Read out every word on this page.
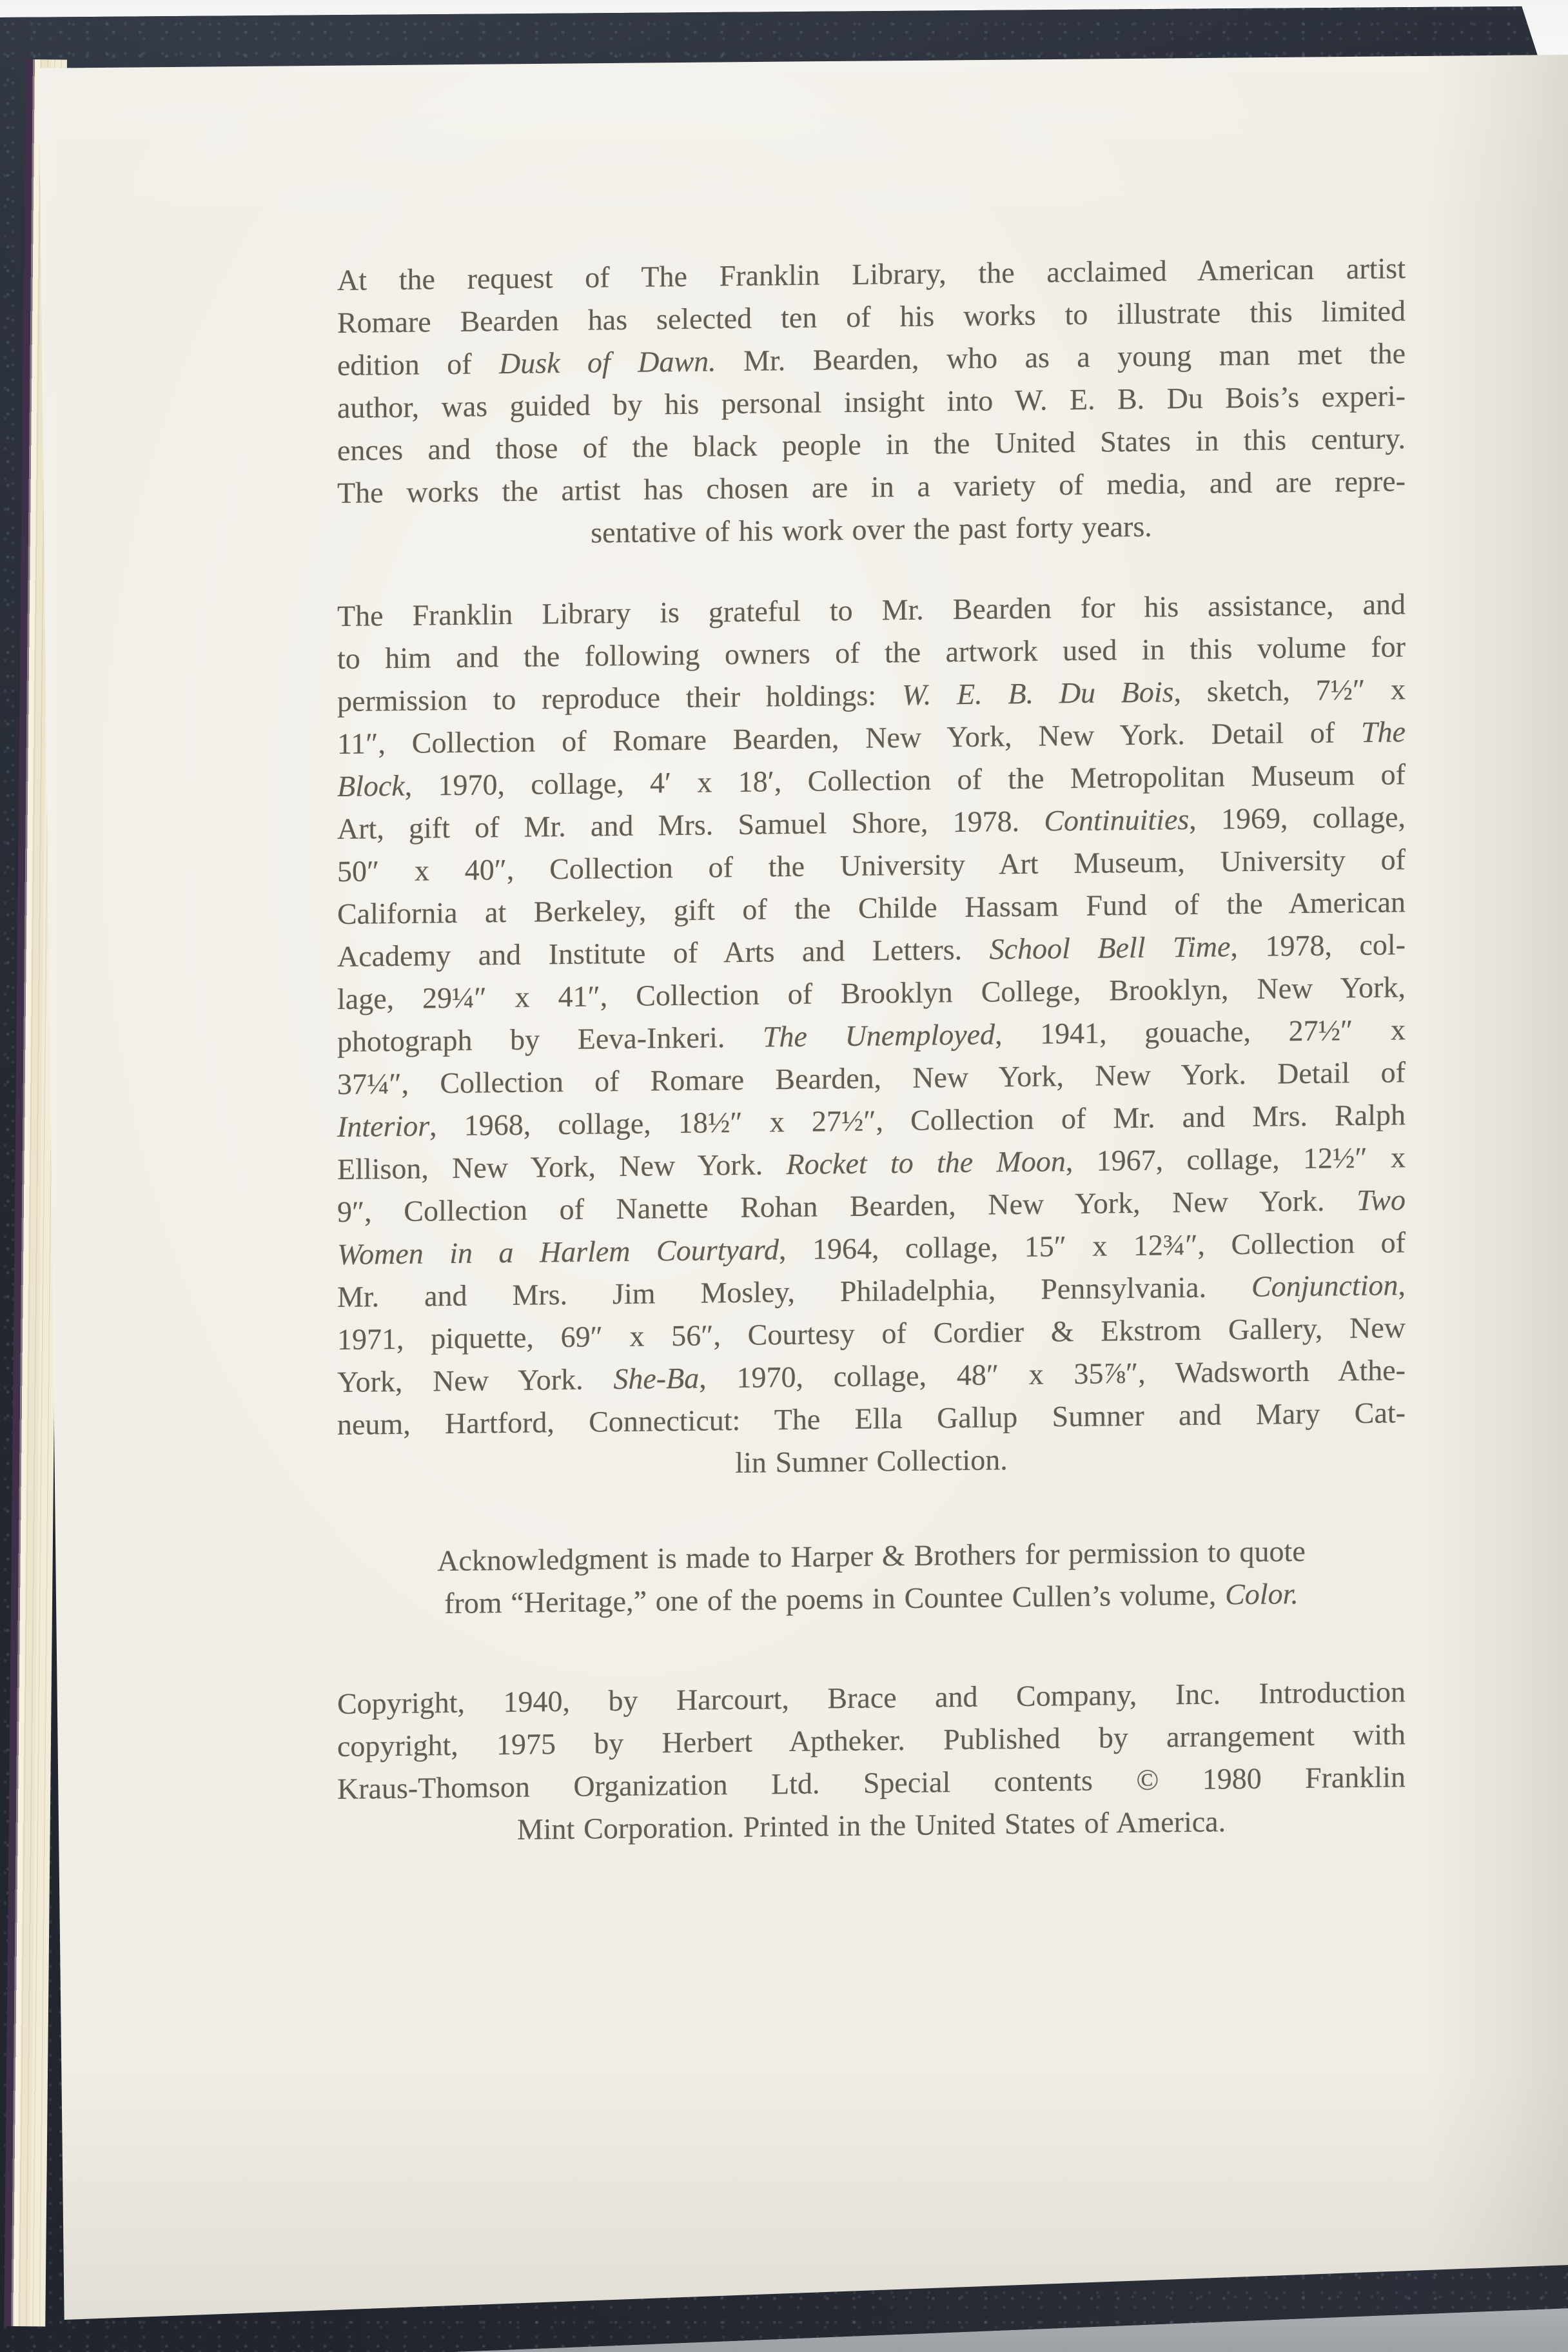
At the request of The Franklin Library, the acclaimed American artist
Romare Bearden has selected ten of his works to illustrate this limited
edition of Dusk of Dawn. Mr. Bearden, who as a young man met the
author, was guided by his personal insight into W. E. B. Du Bois’s experi-
ences and those of the black people in the United States in this century.
The works the artist has chosen are in a variety of media, and are repre-
sentative of his work over the past forty years.
The Franklin Library is grateful to Mr. Bearden for his assistance, and
to him and the following owners of the artwork used in this volume for
permission to reproduce their holdings: W. E. B. Du Bois, sketch, 7½″ x
11″, Collection of Romare Bearden, New York, New York. Detail of The
Block, 1970, collage, 4′ x 18′, Collection of the Metropolitan Museum of
Art, gift of Mr. and Mrs. Samuel Shore, 1978. Continuities, 1969, collage,
50″ x 40″, Collection of the University Art Museum, University of
California at Berkeley, gift of the Childe Hassam Fund of the American
Academy and Institute of Arts and Letters. School Bell Time, 1978, col-
lage, 29¼″ x 41″, Collection of Brooklyn College, Brooklyn, New York,
photograph by Eeva-Inkeri. The Unemployed, 1941, gouache, 27½″ x
37¼″, Collection of Romare Bearden, New York, New York. Detail of
Interior, 1968, collage, 18½″ x 27½″, Collection of Mr. and Mrs. Ralph
Ellison, New York, New York. Rocket to the Moon, 1967, collage, 12½″ x
9″, Collection of Nanette Rohan Bearden, New York, New York. Two
Women in a Harlem Courtyard, 1964, collage, 15″ x 12¾″, Collection of
Mr. and Mrs. Jim Mosley, Philadelphia, Pennsylvania. Conjunction,
1971, piquette, 69″ x 56″, Courtesy of Cordier & Ekstrom Gallery, New
York, New York. She-Ba, 1970, collage, 48″ x 35⅞″, Wadsworth Athe-
neum, Hartford, Connecticut: The Ella Gallup Sumner and Mary Cat-
lin Sumner Collection.
Acknowledgment is made to Harper & Brothers for permission to quote
from “Heritage,” one of the poems in Countee Cullen’s volume, Color.
Copyright, 1940, by Harcourt, Brace and Company, Inc. Introduction
copyright, 1975 by Herbert Aptheker. Published by arrangement with
Kraus-Thomson Organization Ltd. Special contents © 1980 Franklin
Mint Corporation. Printed in the United States of America.
